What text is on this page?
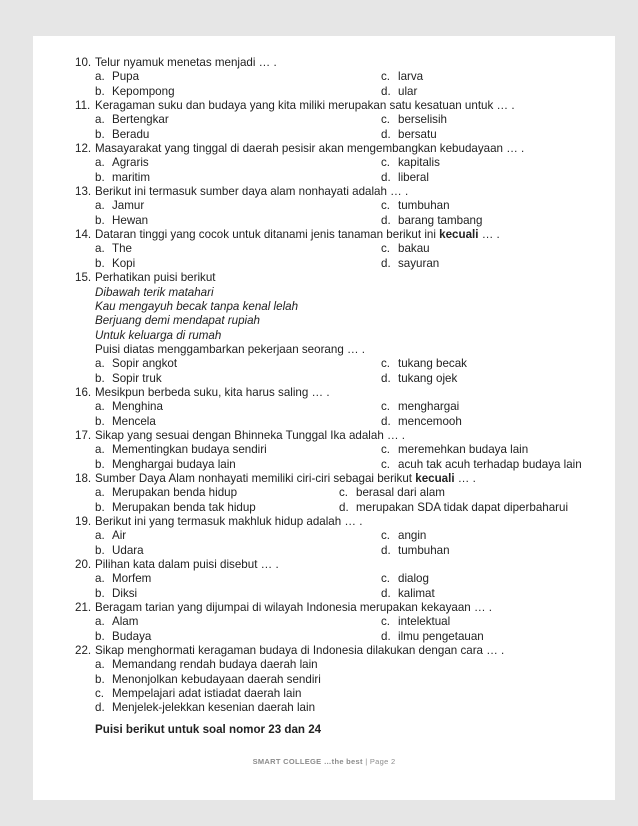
10. Telur nyamuk menetas menjadi … .
a. Pupa	c. larva
b. Kepompong	d. ular
11. Keragaman suku dan budaya yang kita miliki merupakan satu kesatuan untuk … .
a. Bertengkar	c. berselisih
b. Beradu	d. bersatu
12. Masayarakat yang tinggal di daerah pesisir akan mengembangkan kebudayaan … .
a. Agraris	c. kapitalis
b. maritim	d. liberal
13. Berikut ini termasuk sumber daya alam nonhayati adalah … .
a. Jamur	c. tumbuhan
b. Hewan	d. barang tambang
14. Dataran tinggi yang cocok untuk ditanami jenis tanaman berikut ini kecuali … .
a. The	c. bakau
b. Kopi	d. sayuran
15. Perhatikan puisi berikut
Dibawah terik matahari
Kau mengayuh becak tanpa kenal lelah
Berjuang demi mendapat rupiah
Untuk keluarga di rumah
Puisi diatas menggambarkan pekerjaan seorang … .
a. Sopir angkot	c. tukang becak
b. Sopir truk	d. tukang ojek
16. Mesikpun berbeda suku, kita harus saling … .
a. Menghina	c. menghargai
b. Mencela	d. mencemooh
17. Sikap yang sesuai dengan Bhinneka Tunggal Ika adalah … .
a. Mementingkan budaya sendiri	c. meremehkan budaya lain
b. Menghargai budaya lain	c. acuh tak acuh terhadap budaya lain
18. Sumber Daya Alam nonhayati memiliki ciri-ciri sebagai berikut kecuali … .
a. Merupakan benda hidup	c. berasal dari alam
b. Merupakan benda tak hidup	d. merupakan SDA tidak dapat diperbaharui
19. Berikut ini yang termasuk makhluk hidup adalah … .
a. Air	c. angin
b. Udara	d. tumbuhan
20. Pilihan kata dalam puisi disebut … .
a. Morfem	c. dialog
b. Diksi	d. kalimat
21. Beragam tarian yang dijumpai di wilayah Indonesia merupakan kekayaan … .
a. Alam	c. intelektual
b. Budaya	d. ilmu pengetauan
22. Sikap menghormati keragaman budaya di Indonesia dilakukan dengan cara … .
a. Memandang rendah budaya daerah lain
b. Menonjolkan kebudayaan daerah sendiri
c. Mempelajari adat istiadat daerah lain
d. Menjelek-jelekkan kesenian daerah lain
Puisi berikut untuk soal nomor 23 dan 24
SMART COLLEGE …the best | Page 2
